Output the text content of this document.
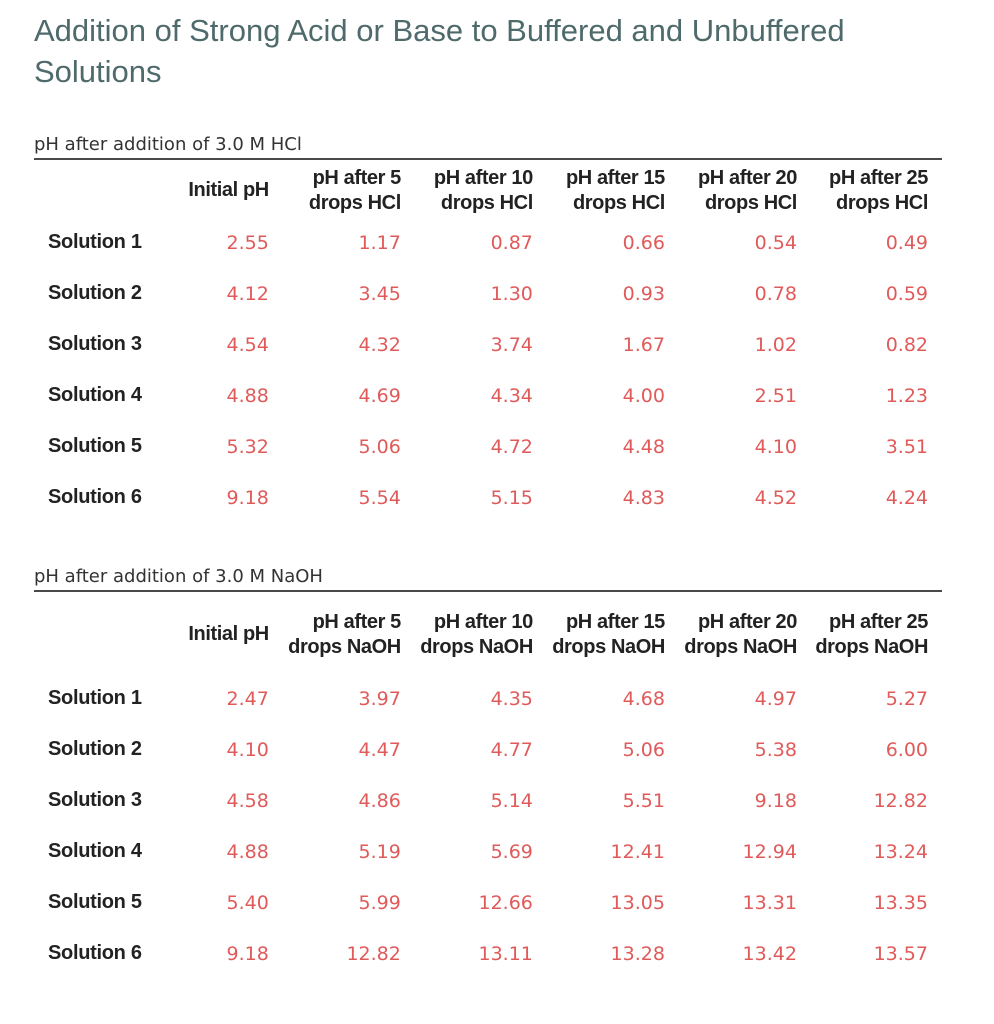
Addition of Strong Acid or Base to Buffered and Unbuffered Solutions
pH after addition of 3.0 M HCl
	Initial pH	pH after 5 drops HCl	pH after 10 drops HCl	pH after 15 drops HCl	pH after 20 drops HCl	pH after 25 drops HCl
Solution 1	2.55	1.17	0.87	0.66	0.54	0.49
Solution 2	4.12	3.45	1.30	0.93	0.78	0.59
Solution 3	4.54	4.32	3.74	1.67	1.02	0.82
Solution 4	4.88	4.69	4.34	4.00	2.51	1.23
Solution 5	5.32	5.06	4.72	4.48	4.10	3.51
Solution 6	9.18	5.54	5.15	4.83	4.52	4.24
pH after addition of 3.0 M NaOH
	Initial pH	pH after 5 drops NaOH	pH after 10 drops NaOH	pH after 15 drops NaOH	pH after 20 drops NaOH	pH after 25 drops NaOH
Solution 1	2.47	3.97	4.35	4.68	4.97	5.27
Solution 2	4.10	4.47	4.77	5.06	5.38	6.00
Solution 3	4.58	4.86	5.14	5.51	9.18	12.82
Solution 4	4.88	5.19	5.69	12.41	12.94	13.24
Solution 5	5.40	5.99	12.66	13.05	13.31	13.35
Solution 6	9.18	12.82	13.11	13.28	13.42	13.57
